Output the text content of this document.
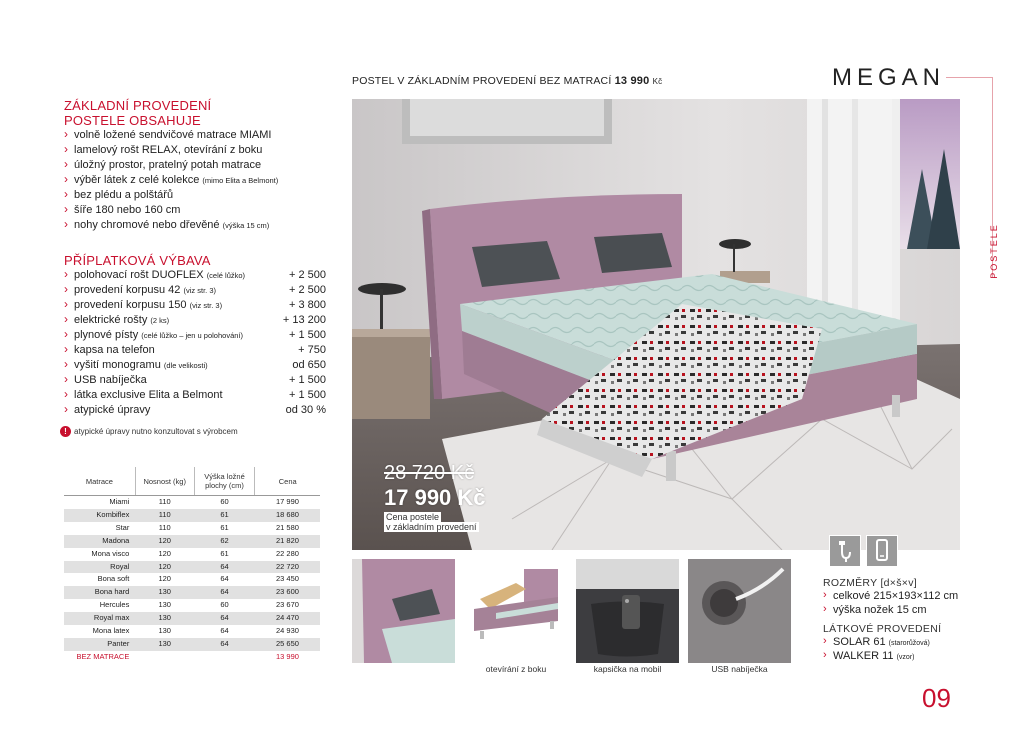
POSTEL V ZÁKLADNÍM PROVEDENÍ BEZ MATRACÍ 13 990 Kč	MEGAN
POSTELE
ZÁKLADNÍ PROVEDENÍ
POSTELE OBSAHUJE
› volně ložené sendvičové matrace MIAMI
› lamelový rošt RELAX, otevírání z boku
› úložný prostor, pratelný potah matrace
› výběr látek z celé kolekce (mimo Elita a Belmont)
› bez plédu a polštářů
› šíře 180 nebo 160 cm
› nohy chromové nebo dřevěné (výška 15 cm)
PŘÍPLATKOVÁ VÝBAVA
› polohovací rošt DUOFLEX (celé lůžko)	+ 2 500
› provedení korpusu 42 (viz str. 3)	+ 2 500
› provedení korpusu 150 (viz str. 3)	+ 3 800
› elektrické rošty (2 ks)	+ 13 200
› plynové písty (celé lůžko – jen u polohování)	+ 1 500
› kapsa na telefon	+ 750
› vyšití monogramu (dle velikosti)	od 650
› USB nabíječka	+ 1 500
› látka exclusive Elita a Belmont	+ 1 500
› atypické úpravy	od 30 %
! atypické úpravy nutno konzultovat s výrobcem
Matrace	Nosnost (kg)	Výška ložné plochy (cm)	Cena
Miami	110	60	17 990
Kombiflex	110	61	18 680
Star	110	61	21 580
Madona	120	62	21 820
Mona visco	120	61	22 280
Royal	120	64	22 720
Bona soft	120	64	23 450
Bona hard	130	64	23 600
Hercules	130	60	23 670
Royal max	130	64	24 470
Mona latex	130	64	24 930
Panter	130	64	25 650
BEZ MATRACE			13 990
28 720 Kč
17 990 Kč
Cena postele
v základním provedení
otevírání z boku	kapsička na mobil	USB nabíječka
ROZMĚRY [d×š×v]
› celkové 215×193×112 cm
› výška nožek 15 cm
LÁTKOVÉ PROVEDENÍ
› SOLAR 61 (starorůžová)
› WALKER 11 (vzor)
09
